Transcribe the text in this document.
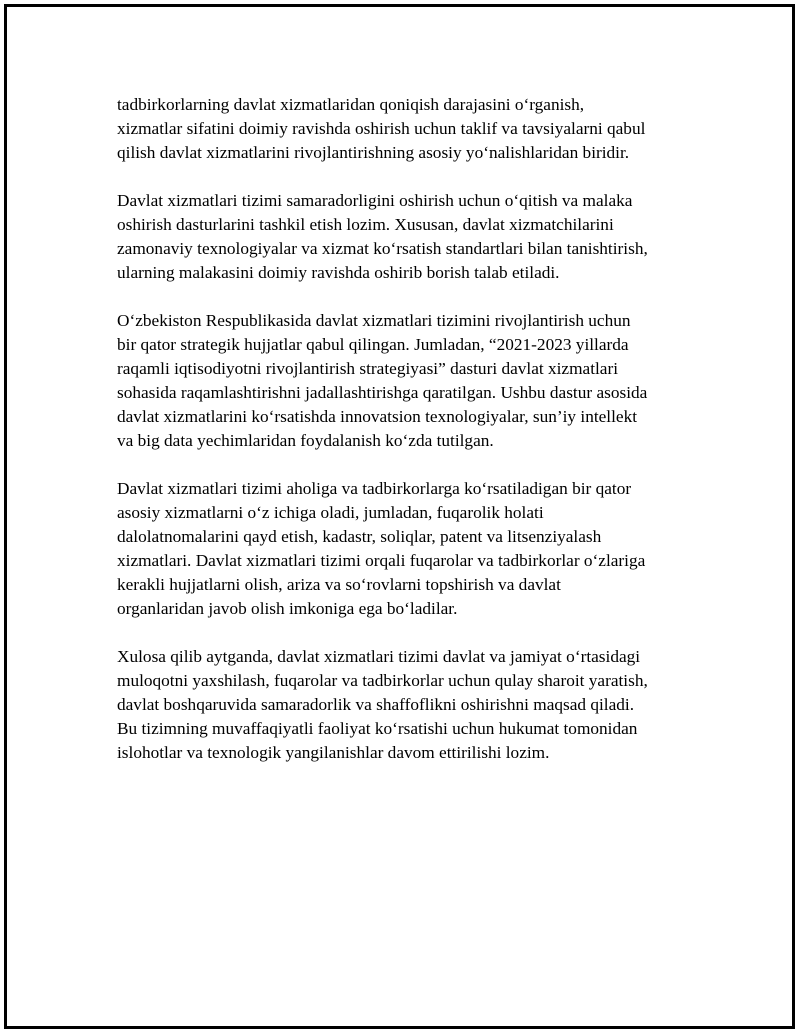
tadbirkorlarning davlat xizmatlaridan qoniqish darajasini o‘rganish,
xizmatlar sifatini doimiy ravishda oshirish uchun taklif va tavsiyalarni qabul
qilish davlat xizmatlarini rivojlantirishning asosiy yo‘nalishlaridan biridir.

Davlat xizmatlari tizimi samaradorligini oshirish uchun o‘qitish va malaka
oshirish dasturlarini tashkil etish lozim. Xususan, davlat xizmatchilarini
zamonaviy texnologiyalar va xizmat ko‘rsatish standartlari bilan tanishtirish,
ularning malakasini doimiy ravishda oshirib borish talab etiladi.

O‘zbekiston Respublikasida davlat xizmatlari tizimini rivojlantirish uchun
bir qator strategik hujjatlar qabul qilingan. Jumladan, “2021-2023 yillarda
raqamli iqtisodiyotni rivojlantirish strategiyasi” dasturi davlat xizmatlari
sohasida raqamlashtirishni jadallashtirishga qaratilgan. Ushbu dastur asosida
davlat xizmatlarini ko‘rsatishda innovatsion texnologiyalar, sun’iy intellekt
va big data yechimlaridan foydalanish ko‘zda tutilgan.

Davlat xizmatlari tizimi aholiga va tadbirkorlarga ko‘rsatiladigan bir qator
asosiy xizmatlarni o‘z ichiga oladi, jumladan, fuqarolik holati
dalolatnomalarini qayd etish, kadastr, soliqlar, patent va litsenziyalash
xizmatlari. Davlat xizmatlari tizimi orqali fuqarolar va tadbirkorlar o‘zlariga
kerakli hujjatlarni olish, ariza va so‘rovlarni topshirish va davlat
organlaridan javob olish imkoniga ega bo‘ladilar.

Xulosa qilib aytganda, davlat xizmatlari tizimi davlat va jamiyat o‘rtasidagi
muloqotni yaxshilash, fuqarolar va tadbirkorlar uchun qulay sharoit yaratish,
davlat boshqaruvida samaradorlik va shaffoflikni oshirishni maqsad qiladi.
Bu tizimning muvaffaqiyatli faoliyat ko‘rsatishi uchun hukumat tomonidan
islohotlar va texnologik yangilanishlar davom ettirilishi lozim.
